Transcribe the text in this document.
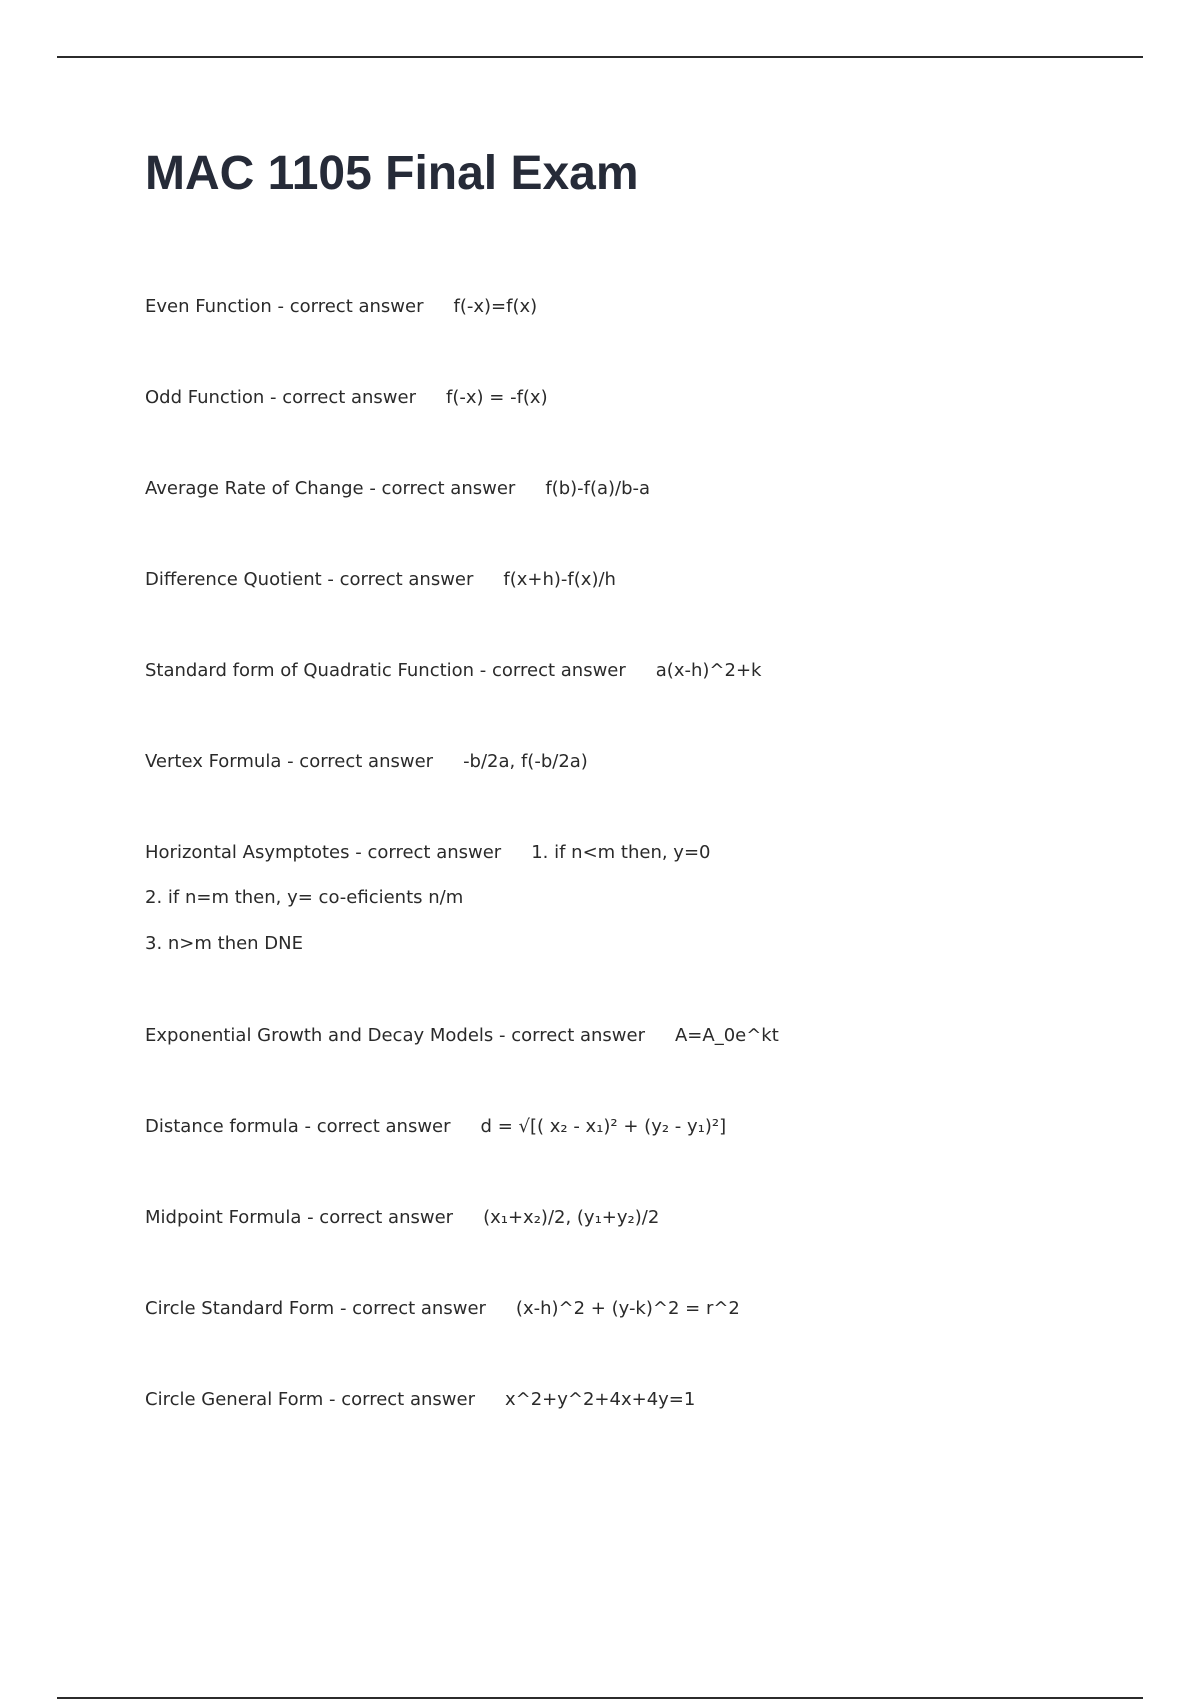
MAC 1105 Final Exam
Even Function - correct answer f(-x)=f(x)
Odd Function - correct answer f(-x) = -f(x)
Average Rate of Change - correct answer f(b)-f(a)/b-a
Difference Quotient - correct answer f(x+h)-f(x)/h
Standard form of Quadratic Function - correct answer a(x-h)^2+k
Vertex Formula - correct answer -b/2a, f(-b/2a)
Horizontal Asymptotes - correct answer 1. if n<m then, y=0
2. if n=m then, y= co-eficients n/m
3. n>m then DNE
Exponential Growth and Decay Models - correct answer A=A_0e^kt
Distance formula - correct answer d = √[( x₂ - x₁)² + (y₂ - y₁)²]
Midpoint Formula - correct answer (x₁+x₂)/2, (y₁+y₂)/2
Circle Standard Form - correct answer (x-h)^2 + (y-k)^2 = r^2
Circle General Form - correct answer x^2+y^2+4x+4y=1
